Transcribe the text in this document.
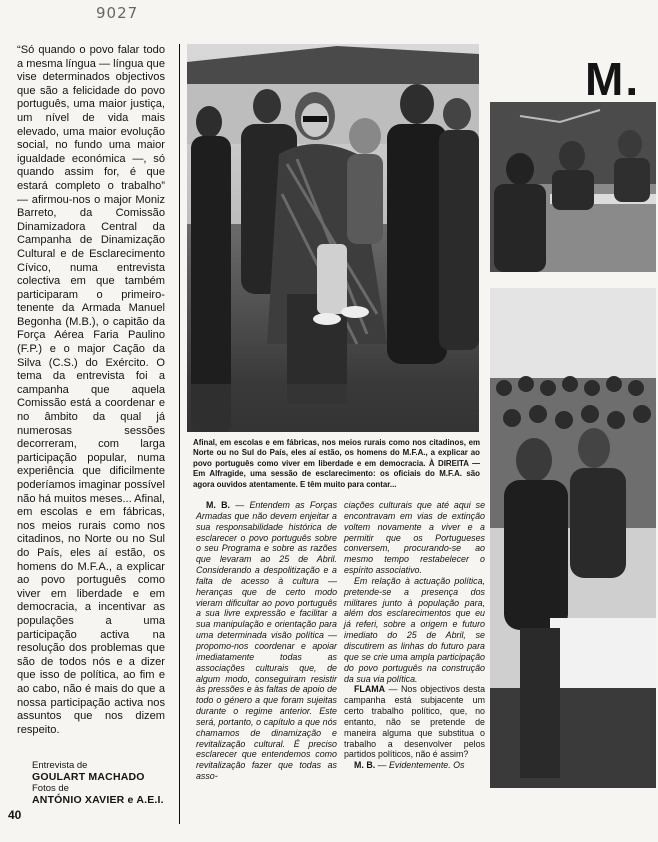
9027

“Só quando o povo falar todo a mesma língua — língua que vise determinados objectivos que são a felicidade do povo português, uma maior justiça, um nível de vida mais elevado, uma maior evolução social, no fundo uma maior igualdade económica —, só quando assim for, é que estará completo o trabalho” — afirmou-nos o major Moniz Barreto, da Comissão Dinamizadora Central da Campanha de Dinamização Cultural e de Esclarecimento Cívico, numa entrevista colectiva em que também participaram o primeiro-tenente da Armada Manuel Begonha (M.B.), o capitão da Força Aérea Faria Paulino (F.P.) e o major Cação da Silva (C.S.) do Exército. O tema da entrevista foi a campanha que aquela Comissão está a coordenar e no âmbito da qual já numerosas sessões decorreram, com larga participação popular, numa experiência que dificilmente poderíamos imaginar possível não há muitos meses... Afinal, em escolas e em fábricas, nos meios rurais como nos citadinos, no Norte ou no Sul do País, eles aí estão, os homens do M.F.A., a explicar ao povo português como viver em liberdade e em democracia, a incentivar as populações a uma participação activa na resolução dos problemas que são de todos nós e a dizer que isso de política, ao fim e ao cabo, não é mais do que a nossa participação activa nos assuntos que nos dizem respeito.

Entrevista de
GOULART MACHADO
Fotos de
ANTÓNIO XAVIER e A.E.I.
40
Afinal, em escolas e em fábricas, nos meios rurais como nos citadinos, em Norte ou no Sul do País, eles aí estão, os homens do M.F.A., a explicar ao povo português como viver em liberdade e em democracia. À DIREITA — Em Alfragide, uma sessão de esclarecimento: os oficiais do M.F.A. são agora ouvidos atentamente. E têm muito para contar...
M.

M. B. — Entendem as Forças Armadas que não devem enjeitar a sua responsabilidade histórica de esclarecer o povo português sobre o seu Programa e sobre as razões que levaram ao 25 de Abril. Considerando a despolitização e a falta de acesso à cultura — heranças que de certo modo vieram dificultar ao povo português a sua livre expressão e facilitar a sua manipulação e orientação para uma determinada visão política — propomo-nos coordenar e apoiar imediatamente todas as associações culturais que, de algum modo, conseguiram resistir às pressões e às faltas de apoio de todo o género a que foram sujeitas durante o regime anterior. Este será, portanto, o capítulo a que nós chamamos de dinamização e revitalização cultural. É preciso esclarecer que entendemos como revitalização fazer que todas as asso-

ciações culturais que até aqui se encontravam em vias de extinção voltem novamente a viver e a permitir que os Portugueses conversem, procurando-se ao mesmo tempo restabelecer o espírito associativo.

Em relação à actuação política, pretende-se a presença dos militares junto à população para, além dos esclarecimentos que eu já referi, sobre a origem e futuro imediato do 25 de Abril, se discutirem as linhas do futuro para que se crie uma ampla participação do povo português na construção da sua via política.

FLAMA — Nos objectivos desta campanha está subjacente um certo trabalho político, que, no entanto, não se pretende de maneira alguma que substitua o trabalho a desenvolver pelos partidos políticos, não é assim?

M. B. — Evidentemente. Os
